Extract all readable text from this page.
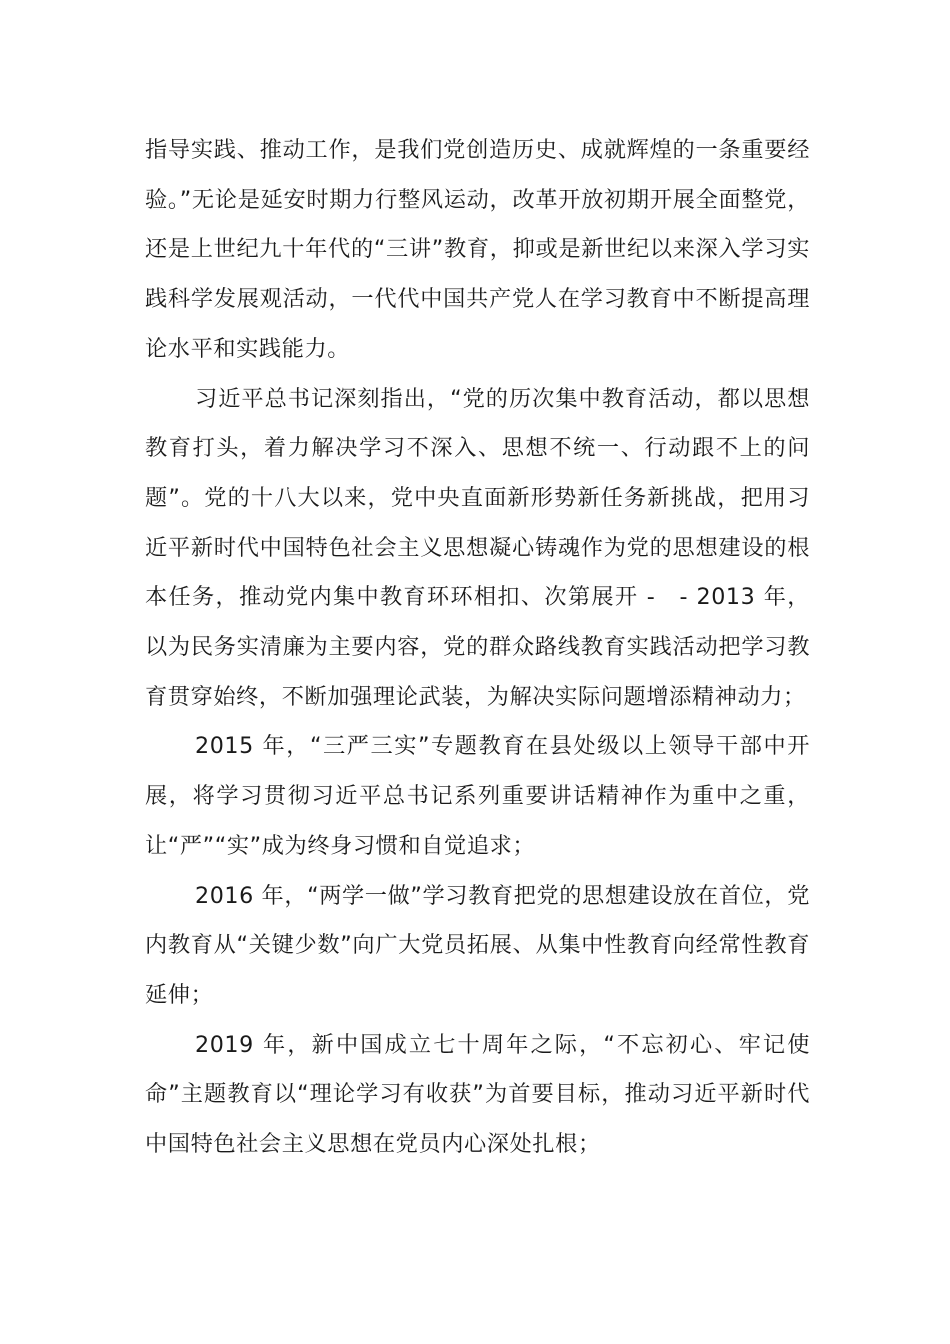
指导实践、推动工作，是我们党创造历史、成就辉煌的一条重要经验。”无论是延安时期力行整风运动，改革开放初期开展全面整党，还是上世纪九十年代的“三讲”教育，抑或是新世纪以来深入学习实践科学发展观活动，一代代中国共产党人在学习教育中不断提高理论水平和实践能力。

习近平总书记深刻指出，“党的历次集中教育活动，都以思想教育打头，着力解决学习不深入、思想不统一、行动跟不上的问题”。党的十八大以来，党中央直面新形势新任务新挑战，把用习近平新时代中国特色社会主义思想凝心铸魂作为党的思想建设的根本任务，推动党内集中教育环环相扣、次第展开 -　- 2013 年，以为民务实清廉为主要内容，党的群众路线教育实践活动把学习教育贯穿始终，不断加强理论武装，为解决实际问题增添精神动力；

2015 年，“三严三实”专题教育在县处级以上领导干部中开展，将学习贯彻习近平总书记系列重要讲话精神作为重中之重，让“严”“实”成为终身习惯和自觉追求；

2016 年，“两学一做”学习教育把党的思想建设放在首位，党内教育从“关键少数”向广大党员拓展、从集中性教育向经常性教育延伸；

2019 年，新中国成立七十周年之际，“不忘初心、牢记使命”主题教育以“理论学习有收获”为首要目标，推动习近平新时代中国特色社会主义思想在党员内心深处扎根；
